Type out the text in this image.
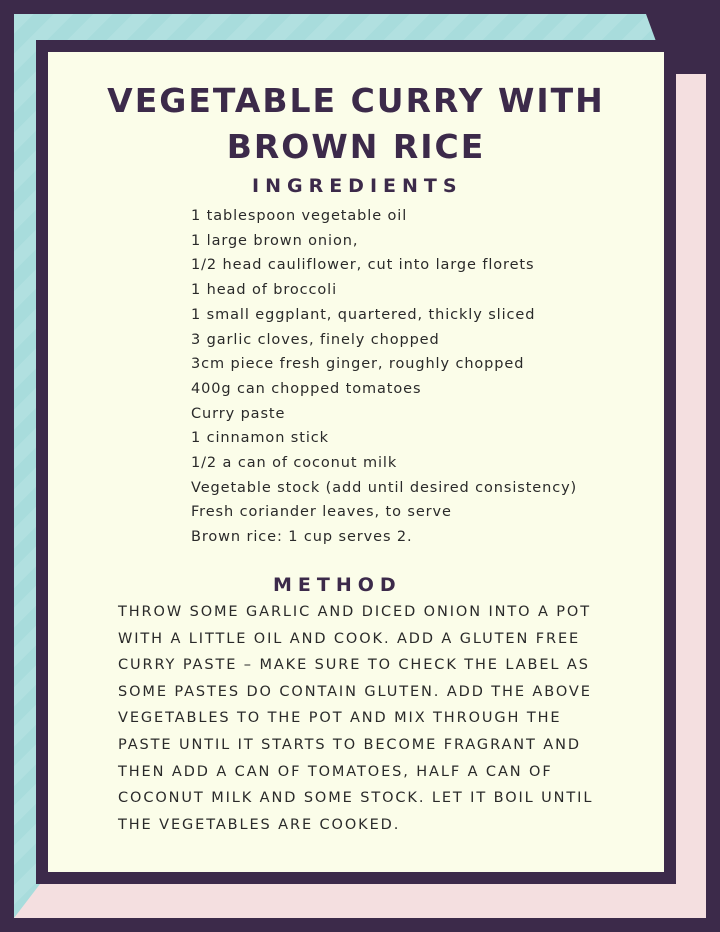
VEGETABLE CURRY WITH
BROWN RICE
INGREDIENTS
1 tablespoon vegetable oil
1 large brown onion,
1/2 head cauliflower, cut into large florets
1 head of broccoli
1 small eggplant, quartered, thickly sliced
3 garlic cloves, finely chopped
3cm piece fresh ginger, roughly chopped
400g can chopped tomatoes
Curry paste
1 cinnamon stick
1/2 a can of coconut milk
Vegetable stock (add until desired consistency)
Fresh coriander leaves, to serve
Brown rice: 1 cup serves 2.
METHOD

THROW SOME GARLIC AND DICED ONION INTO A POT
WITH A LITTLE OIL AND COOK. ADD A GLUTEN FREE
CURRY PASTE – MAKE SURE TO CHECK THE LABEL AS
SOME PASTES DO CONTAIN GLUTEN. ADD THE ABOVE
VEGETABLES TO THE POT AND MIX THROUGH THE
PASTE UNTIL IT STARTS TO BECOME FRAGRANT AND
THEN ADD A CAN OF TOMATOES, HALF A CAN OF
COCONUT MILK AND SOME STOCK. LET IT BOIL UNTIL
THE VEGETABLES ARE COOKED.
